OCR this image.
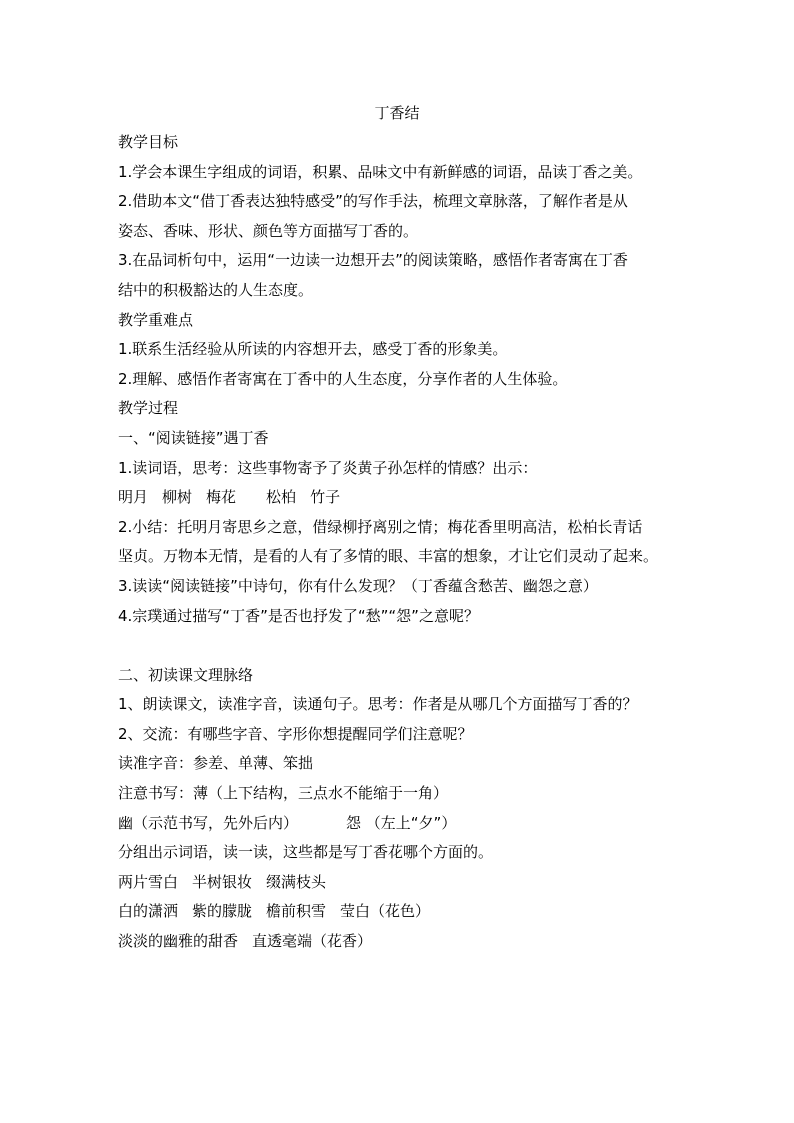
丁香结

教学目标

1.学会本课生字组成的词语，积累、品味文中有新鲜感的词语，品读丁香之美。

2.借助本文“借丁香表达独特感受”的写作手法，梳理文章脉落，了解作者是从

姿态、香味、形状、颜色等方面描写丁香的。

3.在品词析句中，运用“一边读一边想开去”的阅读策略，感悟作者寄寓在丁香

结中的积极豁达的人生态度。

教学重难点

1.联系生活经验从所读的内容想开去，感受丁香的形象美。

2.理解、感悟作者寄寓在丁香中的人生态度，分享作者的人生体验。

教学过程

一、“阅读链接”遇丁香

1.读词语，思考：这些事物寄予了炎黄子孙怎样的情感？出示：

明月 柳树 梅花 松柏 竹子

2.小结：托明月寄思乡之意，借绿柳抒离别之情；梅花香里明高洁，松柏长青话

坚贞。万物本无情，是看的人有了多情的眼、丰富的想象，才让它们灵动了起来。

3.读读“阅读链接”中诗句，你有什么发现？（丁香蕴含愁苦、幽怨之意）

4.宗璞通过描写“丁香”是否也抒发了“愁”“怨”之意呢？

二、初读课文理脉络

1、朗读课文，读准字音，读通句子。思考：作者是从哪几个方面描写丁香的？

2、交流：有哪些字音、字形你想提醒同学们注意呢？

读准字音：参差、单薄、笨拙

注意书写：薄（上下结构，三点水不能缩于一角）

幽（示范书写，先外后内）	怨 （左上“夕”）

分组出示词语，读一读，这些都是写丁香花哪个方面的。

两片雪白 半树银妆 缀满枝头

白的潇洒 紫的朦胧 檐前积雪 莹白（花色）

淡淡的幽雅的甜香 直透毫端（花香）
